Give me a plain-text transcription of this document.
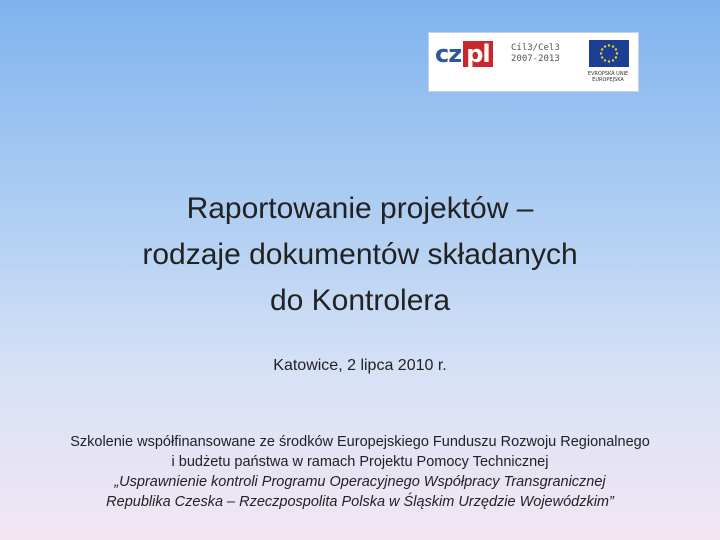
cz pl	Cíl3/Cel3
2007-2013
EVROPSKÁ UNIE EUROPEJSKA
Raportowanie projektów –
rodzaje dokumentów składanych
do Kontrolera
Katowice, 2 lipca 2010 r.
Szkolenie współfinansowane ze środków Europejskiego Funduszu Rozwoju Regionalnego
i budżetu państwa w ramach Projektu Pomocy Technicznej
„Usprawnienie kontroli Programu Operacyjnego Współpracy Transgranicznej
Republika Czeska – Rzeczpospolita Polska w Śląskim Urzędzie Wojewódzkim”
